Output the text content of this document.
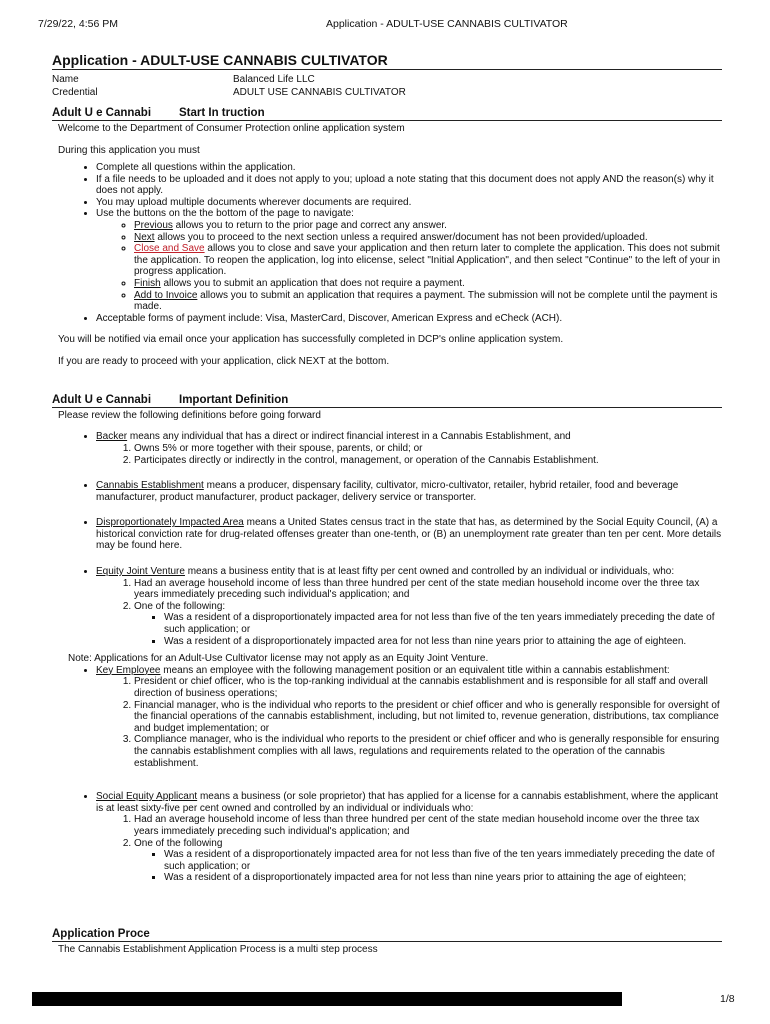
7/29/22, 4:56 PM	Application - ADULT-USE CANNABIS CULTIVATOR
Application - ADULT-USE CANNABIS CULTIVATOR
Name	Balanced Life LLC
Credential	ADULT USE CANNABIS CULTIVATOR
Adult U e Cannabi	Start In truction

Welcome to the Department of Consumer Protection online application system

During this application you must

• Complete all questions within the application.
• If a file needs to be uploaded and it does not apply to you; upload a note stating that this document does not apply AND the reason(s) why it does not apply.
• You may upload multiple documents wherever documents are required.
• Use the buttons on the the bottom of the page to navigate:
◦ Previous allows you to return to the prior page and correct any answer.
◦ Next allows you to proceed to the next section unless a required answer/document has not been provided/uploaded.
◦ Close and Save allows you to close and save your application and then return later to complete the application. This does not submit the application. To reopen the application, log into elicense, select "Initial Application", and then select "Continue" to the left of your in progress application.
◦ Finish allows you to submit an application that does not require a payment.
◦ Add to Invoice allows you to submit an application that requires a payment. The submission will not be complete until the payment is made.
• Acceptable forms of payment include: Visa, MasterCard, Discover, American Express and eCheck (ACH).

You will be notified via email once your application has successfully completed in DCP's online application system.

If you are ready to proceed with your application, click NEXT at the bottom.

Adult U e Cannabi	Important Definition

Please review the following definitions before going forward

• Backer means any individual that has a direct or indirect financial interest in a Cannabis Establishment, and
1. Owns 5% or more together with their spouse, parents, or child; or
2. Participates directly or indirectly in the control, management, or operation of the Cannabis Establishment.
• Cannabis Establishment means a producer, dispensary facility, cultivator, micro-cultivator, retailer, hybrid retailer, food and beverage manufacturer, product manufacturer, product packager, delivery service or transporter.
• Disproportionately Impacted Area means a United States census tract in the state that has, as determined by the Social Equity Council, (A) a historical conviction rate for drug-related offenses greater than one-tenth, or (B) an unemployment rate greater than ten per cent. More details may be found here.
• Equity Joint Venture means a business entity that is at least fifty per cent owned and controlled by an individual or individuals, who:
1. Had an average household income of less than three hundred per cent of the state median household income over the three tax years immediately preceding such individual's application; and
2. One of the following:
▪ Was a resident of a disproportionately impacted area for not less than five of the ten years immediately preceding the date of such application; or
▪ Was a resident of a disproportionately impacted area for not less than nine years prior to attaining the age of eighteen.
Note: Applications for an Adult-Use Cultivator license may not apply as an Equity Joint Venture.
• Key Employee means an employee with the following management position or an equivalent title within a cannabis establishment:
1. President or chief officer, who is the top-ranking individual at the cannabis establishment and is responsible for all staff and overall direction of business operations;
2. Financial manager, who is the individual who reports to the president or chief officer and who is generally responsible for oversight of the financial operations of the cannabis establishment, including, but not limited to, revenue generation, distributions, tax compliance and budget implementation; or
3. Compliance manager, who is the individual who reports to the president or chief officer and who is generally responsible for ensuring the cannabis establishment complies with all laws, regulations and requirements related to the operation of the cannabis establishment.
• Social Equity Applicant means a business (or sole proprietor) that has applied for a license for a cannabis establishment, where the applicant is at least sixty-five per cent owned and controlled by an individual or individuals who:
1. Had an average household income of less than three hundred per cent of the state median household income over the three tax years immediately preceding such individual's application; and
2. One of the following
▪ Was a resident of a disproportionately impacted area for not less than five of the ten years immediately preceding the date of such application; or
▪ Was a resident of a disproportionately impacted area for not less than nine years prior to attaining the age of eighteen;
Application Proce

The Cannabis Establishment Application Process is a multi step process

1/8
